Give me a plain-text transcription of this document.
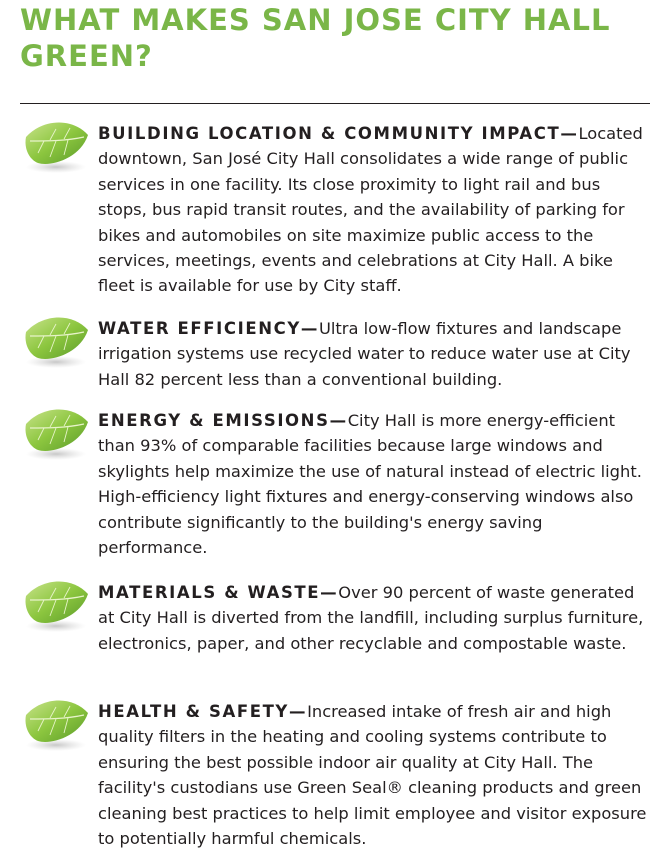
WHAT MAKES SAN JOSE CITY HALL GREEN?
BUILDING LOCATION & COMMUNITY IMPACT—Located downtown, San José City Hall consolidates a wide range of public services in one facility. Its close proximity to light rail and bus stops, bus rapid transit routes, and the availability of parking for bikes and automobiles on site maximize public access to the services, meetings, events and celebrations at City Hall. A bike fleet is available for use by City staff.
WATER EFFICIENCY—Ultra low-flow fixtures and landscape irrigation systems use recycled water to reduce water use at City Hall 82 percent less than a conventional building.
ENERGY & EMISSIONS—City Hall is more energy-efficient than 93% of comparable facilities because large windows and skylights help maximize the use of natural instead of electric light. High-efficiency light fixtures and energy-conserving windows also contribute significantly to the building's energy saving performance.
MATERIALS & WASTE—Over 90 percent of waste generated at City Hall is diverted from the landfill, including surplus furniture, electronics, paper, and other recyclable and compostable waste.
HEALTH & SAFETY—Increased intake of fresh air and high quality filters in the heating and cooling systems contribute to ensuring the best possible indoor air quality at City Hall. The facility's custodians use Green Seal® cleaning products and green cleaning best practices to help limit employee and visitor exposure to potentially harmful chemicals.
